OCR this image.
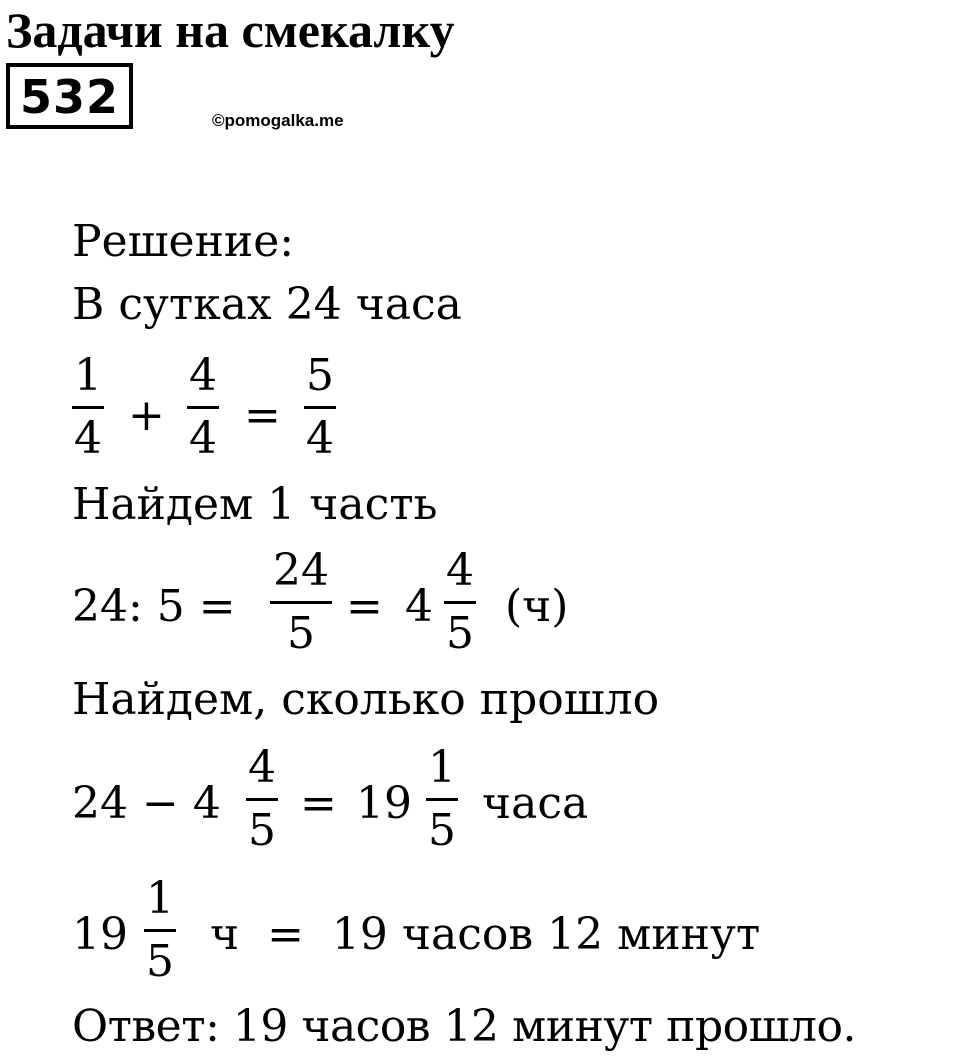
Задачи на смекалку
532	©pomogalka.me
Решение:
В сутках 24 часа
1
4 +
4
4 =
5
4
Найдем 1 часть
24: 5 =
24
5
= 4
4
5
(ч)
Найдем, сколько прошло
24 − 4
4
5
= 19
1
5
часа
19
1
5
ч  =  19 часов 12 минут
Ответ: 19 часов 12 минут прошло.
